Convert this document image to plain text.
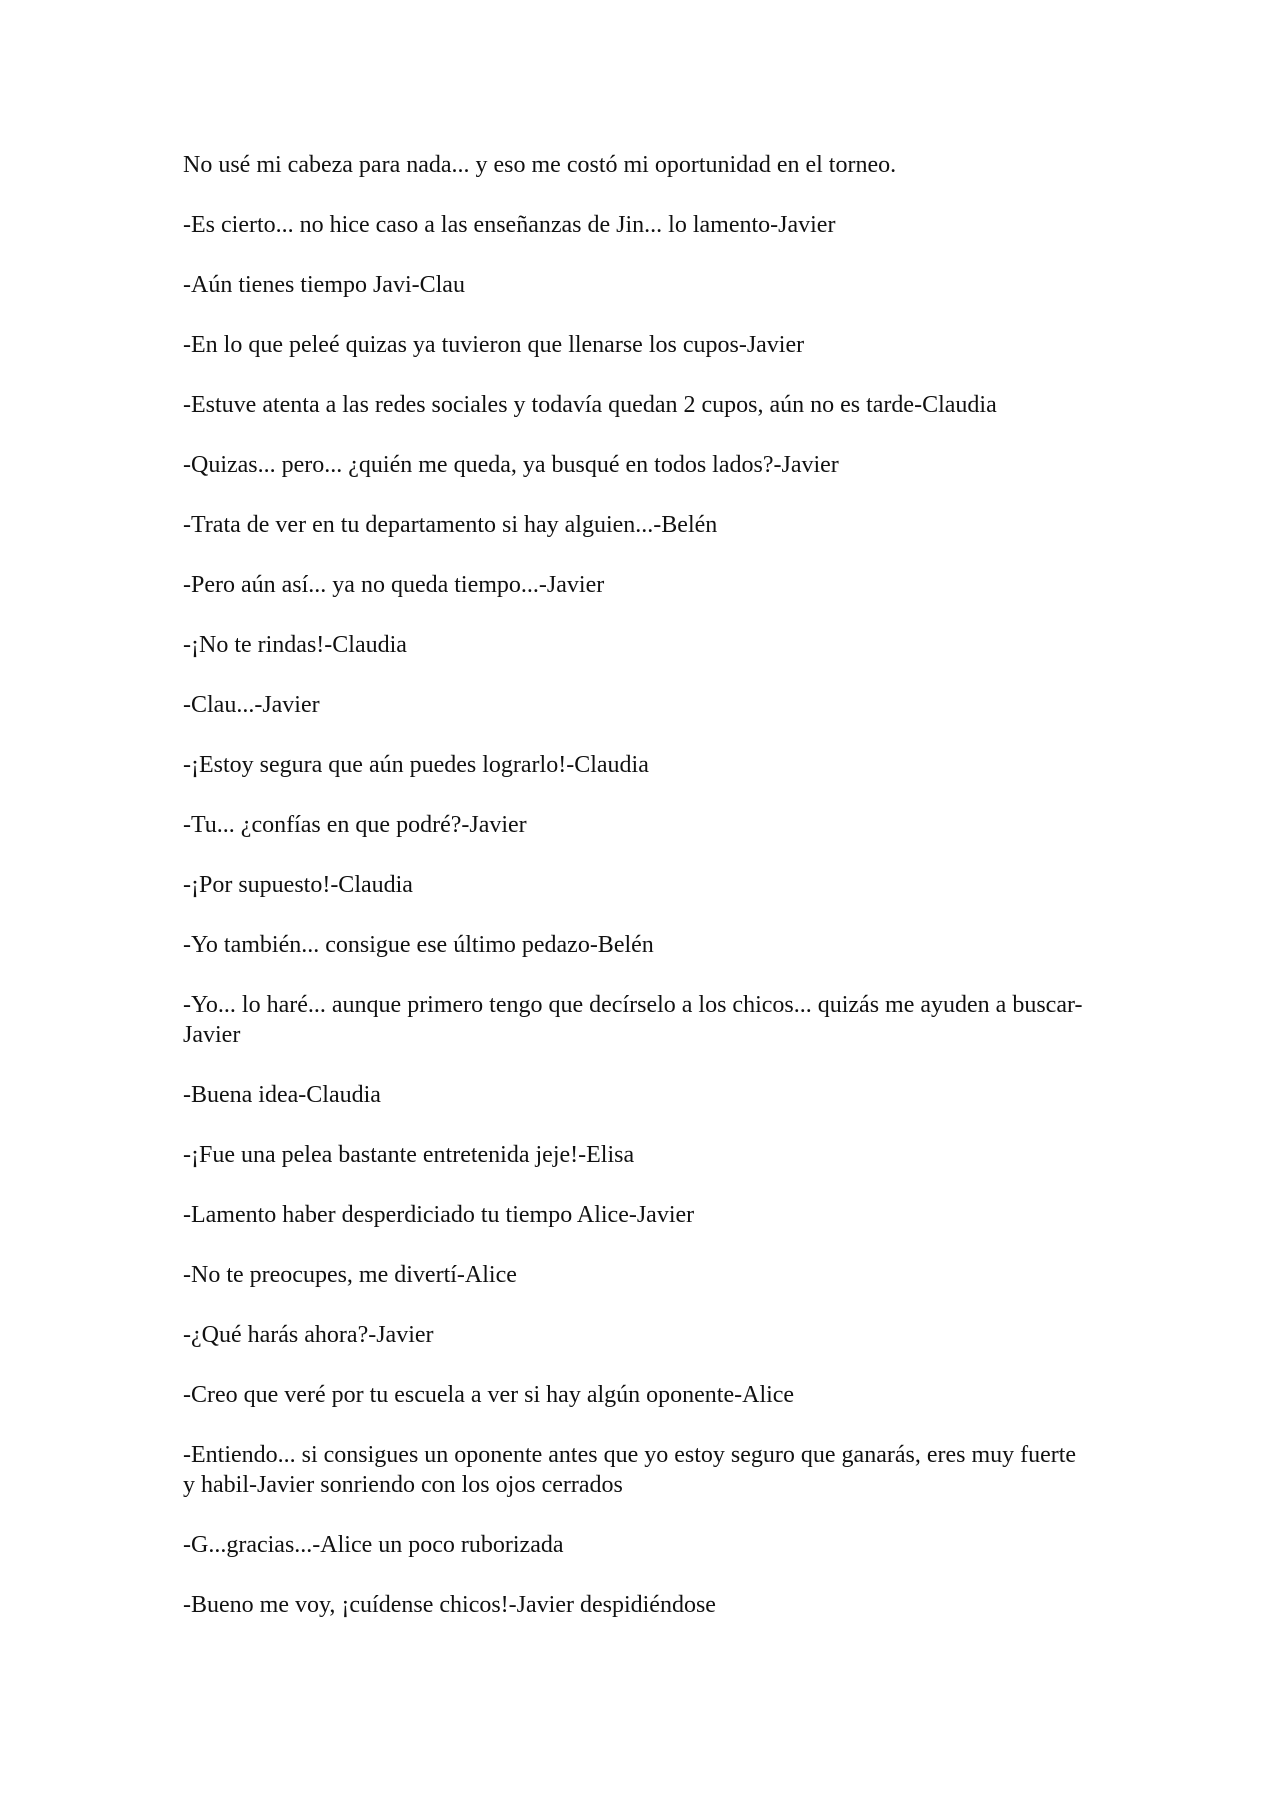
No usé mi cabeza para nada... y eso me costó mi oportunidad en el torneo.

-Es cierto... no hice caso a las enseñanzas de Jin... lo lamento-Javier

-Aún tienes tiempo Javi-Clau

-En lo que peleé quizas ya tuvieron que llenarse los cupos-Javier

-Estuve atenta a las redes sociales y todavía quedan 2 cupos, aún no es tarde-Claudia

-Quizas... pero... ¿quién me queda, ya busqué en todos lados?-Javier

-Trata de ver en tu departamento si hay alguien...-Belén

-Pero aún así... ya no queda tiempo...-Javier

-¡No te rindas!-Claudia

-Clau...-Javier

-¡Estoy segura que aún puedes lograrlo!-Claudia

-Tu... ¿confías en que podré?-Javier

-¡Por supuesto!-Claudia

-Yo también... consigue ese último pedazo-Belén

-Yo... lo haré... aunque primero tengo que decírselo a los chicos... quizás me ayuden a buscar-Javier

-Buena idea-Claudia

-¡Fue una pelea bastante entretenida jeje!-Elisa

-Lamento haber desperdiciado tu tiempo Alice-Javier

-No te preocupes, me divertí-Alice

-¿Qué harás ahora?-Javier

-Creo que veré por tu escuela a ver si hay algún oponente-Alice

-Entiendo... si consigues un oponente antes que yo estoy seguro que ganarás, eres muy fuerte y habil-Javier sonriendo con los ojos cerrados

-G...gracias...-Alice un poco ruborizada

-Bueno me voy, ¡cuídense chicos!-Javier despidiéndose
